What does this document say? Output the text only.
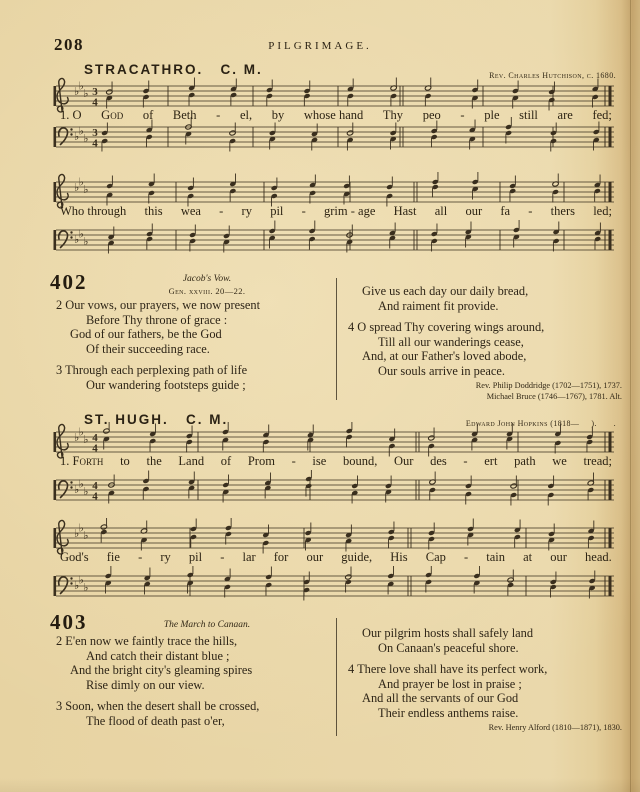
208	PILGRIMAGE.
STRACATHRO.   C. M.	Rev. Charles Hutchison, c. 1680.
♭ ♭
♭ 3
4
1. O God of Beth - el, by whose hand Thy peo - ple still are fed;
♭ ♭
♭ 3
4
♭ ♭
♭
Who through this wea - ry pil - grim - age Hast all our fa - thers led;
♭ ♭
♭
402	Jacob's Vow.
Gen. xxviii. 20—22.
2 Our vows, our prayers, we now present
Before Thy throne of grace :
God of our fathers, be the God
Of their succeeding race.
3 Through each perplexing path of life
Our wandering footsteps guide ;
Give us each day our daily bread,
And raiment fit provide.
4 O spread Thy covering wings around,
Till all our wanderings cease,
And, at our Father's loved abode,
Our souls arrive in peace.
Rev. Philip Doddridge (1702—1751), 1737.
Michael Bruce (1746—1767), 1781. Alt.
ST. HUGH.   C. M.	Edward John Hopkins (1818—     ).       .
♭ ♭
♭ 4
4
1. Forth to the Land of Prom - ise bound, Our des - ert path we tread;
♭ ♭
♭ 4
4
♭ ♭
♭
God's fie - ry pil - lar for our guide, His Cap - tain at our head.
♭ ♭
♭
403	The March to Canaan.
2 E'en now we faintly trace the hills,
And catch their distant blue ;
And the bright city's gleaming spires
Rise dimly on our view.
3 Soon, when the desert shall be crossed,
The flood of death past o'er,
Our pilgrim hosts shall safely land
On Canaan's peaceful shore.
4 There love shall have its perfect work,
And prayer be lost in praise ;
And all the servants of our God
Their endless anthems raise.
Rev. Henry Alford (1810—1871), 1830.
